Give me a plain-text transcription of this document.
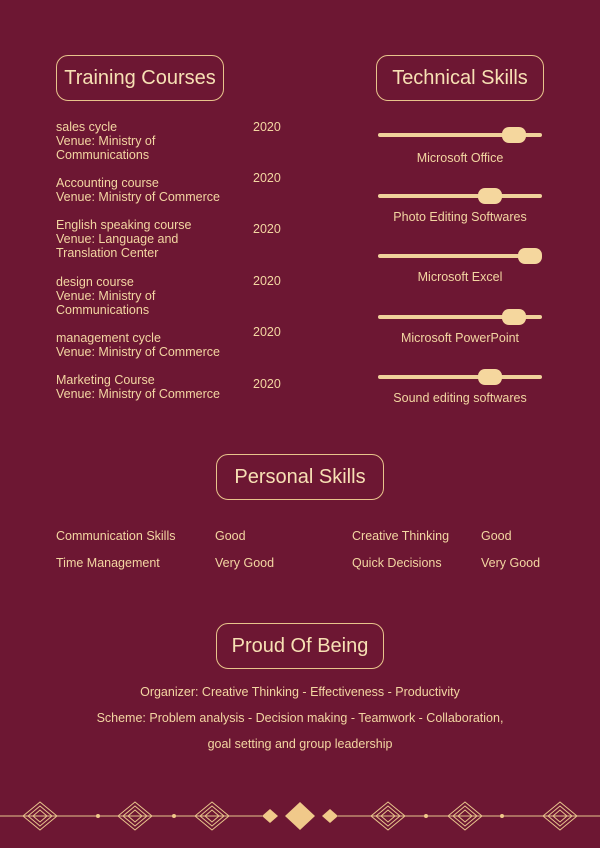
Training Courses	Technical Skills
Personal Skills
Proud Of Being
sales cycle
Venue: Ministry of
Communications
2020
Accounting course
Venue: Ministry of Commerce
2020
English speaking course
Venue: Language and
Translation Center
2020
design course
Venue: Ministry of
Communications
2020
management cycle
Venue: Ministry of Commerce
2020
Marketing Course
Venue: Ministry of Commerce
2020
Microsoft Office
Photo Editing Softwares
Microsoft Excel
Microsoft PowerPoint
Sound editing softwares
Communication Skills	Good	Creative Thinking	Good
Time Management	Very Good	Quick Decisions	Very Good
Organizer: Creative Thinking - Effectiveness - Productivity
Scheme: Problem analysis - Decision making - Teamwork - Collaboration,
goal setting and group leadership
